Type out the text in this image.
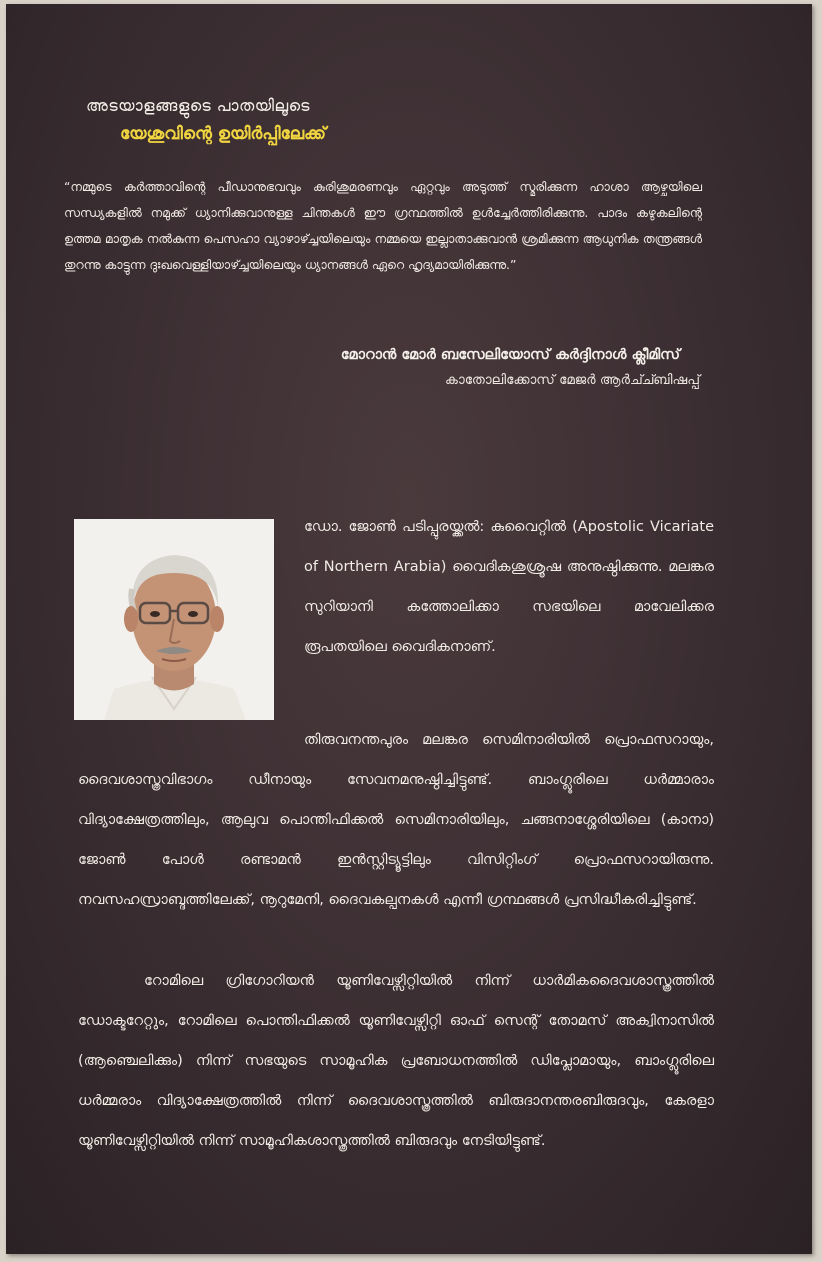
അടയാളങ്ങളുടെ പാതയിലൂടെ
യേശുവിന്റെ ഉയിർപ്പിലേക്ക്
“നമ്മുടെ കർത്താവിന്റെ പീഡാനുഭവവും കുരിശുമരണവും ഏറ്റവും അടുത്ത് സ്മരിക്കുന്ന ഹാശാ ആഴ്ചയിലെ സന്ധ്യകളിൽ നമുക്ക് ധ്യാനിക്കുവാനുള്ള ചിന്തകൾ ഈ ഗ്രന്ഥത്തിൽ ഉൾച്ചേർത്തിരിക്കുന്നു. പാദം കഴുകലിന്റെ ഉത്തമ മാതൃക നൽകുന്ന പെസഹാ വ്യാഴാഴ്ച്ചയിലെയും നമ്മയെ ഇല്ലാതാക്കുവാൻ ശ്രമിക്കുന്ന ആധുനിക തന്ത്രങ്ങൾ തുറന്നു കാട്ടുന്ന ദുഃഖവെള്ളിയാഴ്ച്ചയിലെയും ധ്യാനങ്ങൾ ഏറെ ഹൃദ്യമായിരിക്കുന്നു.”
മോറാൻ മോർ ബസേലിയോസ് കർദ്ദിനാൾ ക്ലീമിസ്
കാതോലിക്കോസ് മേജർ ആർച്ച്ബിഷപ്പ്
ഡോ. ജോൺ പടിപ്പുരയ്ക്കൽ: കുവൈറ്റിൽ (Apostolic Vicariate of Northern Arabia) വൈദികശുശ്രൂഷ അനുഷ്ഠിക്കുന്നു. മലങ്കര സുറിയാനി കത്തോലിക്കാ സഭയിലെ മാവേലിക്കര രൂപതയിലെ വൈദികനാണ്.
തിരുവനന്തപുരം മലങ്കര സെമിനാരിയിൽ പ്രൊഫസറായും, ദൈവശാസ്ത്രവിഭാഗം ഡീനായും സേവനമനുഷ്ഠിച്ചിട്ടുണ്ട്. ബാംഗ്ലൂരിലെ ധർമ്മാരാം വിദ്യാക്ഷേത്രത്തിലും, ആലുവ പൊന്തിഫിക്കൽ സെമിനാരിയിലും, ചങ്ങനാശ്ശേരിയിലെ (കാനാ) ജോൺ പോൾ രണ്ടാമൻ ഇൻസ്റ്റിട്യൂട്ടിലും വിസിറ്റിംഗ് പ്രൊഫസറായിരുന്നു. നവസഹസ്രാബ്ദത്തിലേക്ക്, നൂറുമേനി, ദൈവകല്പനകൾ എന്നീ ഗ്രന്ഥങ്ങൾ പ്രസിദ്ധീകരിച്ചിട്ടുണ്ട്.
റോമിലെ ഗ്രിഗോറിയൻ യൂണിവേഴ്സിറ്റിയിൽ നിന്ന് ധാർമികദൈവശാസ്ത്രത്തിൽ ഡോക്ടറേറ്റും, റോമിലെ പൊന്തിഫിക്കൽ യൂണിവേഴ്സിറ്റി ഓഫ് സെന്റ് തോമസ് അക്വിനാസിൽ (ആഞ്ചെലിക്കും) നിന്ന് സഭയുടെ സാമൂഹിക പ്രബോധനത്തിൽ ഡിപ്ലോമായും, ബാംഗ്ലൂരിലെ ധർമ്മരാം വിദ്യാക്ഷേത്രത്തിൽ നിന്ന് ദൈവശാസ്ത്രത്തിൽ ബിരുദാനന്തരബിരുദവും, കേരളാ യൂണിവേഴ്സിറ്റിയിൽ നിന്ന് സാമൂഹികശാസ്ത്രത്തിൽ ബിരുദവും നേടിയിട്ടുണ്ട്.
